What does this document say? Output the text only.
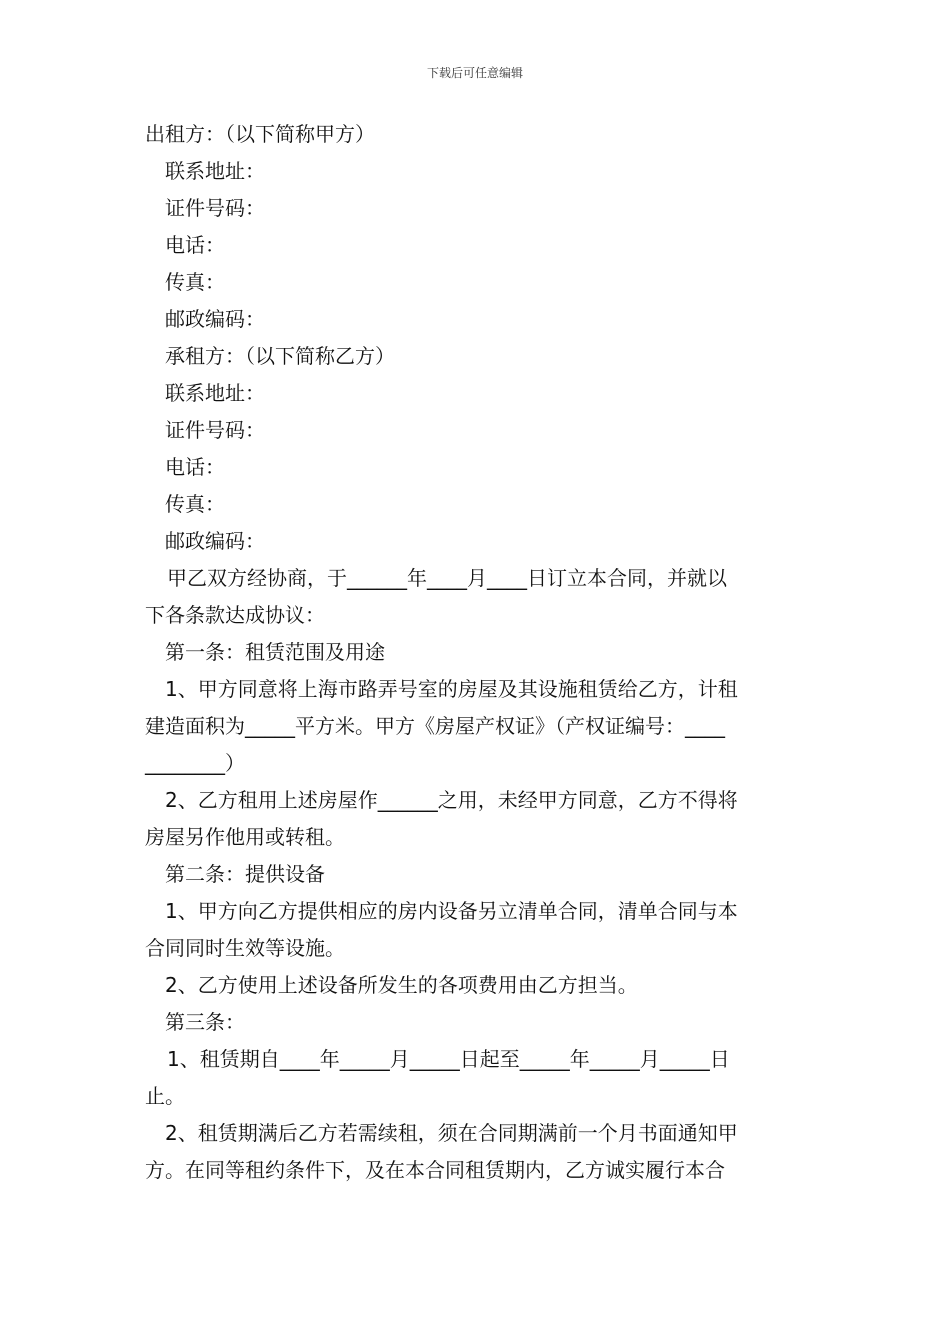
下载后可任意编辑
出租方：（以下简称甲方）
联系地址：
证件号码：
电话：
传真：
邮政编码：
承租方：（以下简称乙方）
联系地址：
证件号码：
电话：
传真：
邮政编码：
甲乙双方经协商，于______年____月____日订立本合同，并就以
下各条款达成协议：
第一条：租赁范围及用途
1、甲方同意将上海市路弄号室的房屋及其设施租赁给乙方，计租
建造面积为_____平方米。甲方《房屋产权证》（产权证编号：____
________）
2、乙方租用上述房屋作______之用，未经甲方同意，乙方不得将
房屋另作他用或转租。
第二条：提供设备
1、甲方向乙方提供相应的房内设备另立清单合同，清单合同与本
合同同时生效等设施。
2、乙方使用上述设备所发生的各项费用由乙方担当。
第三条：
1、租赁期自____年_____月_____日起至_____年_____月_____日
止。
2、租赁期满后乙方若需续租，须在合同期满前一个月书面通知甲
方。在同等租约条件下，及在本合同租赁期内，乙方诚实履行本合
